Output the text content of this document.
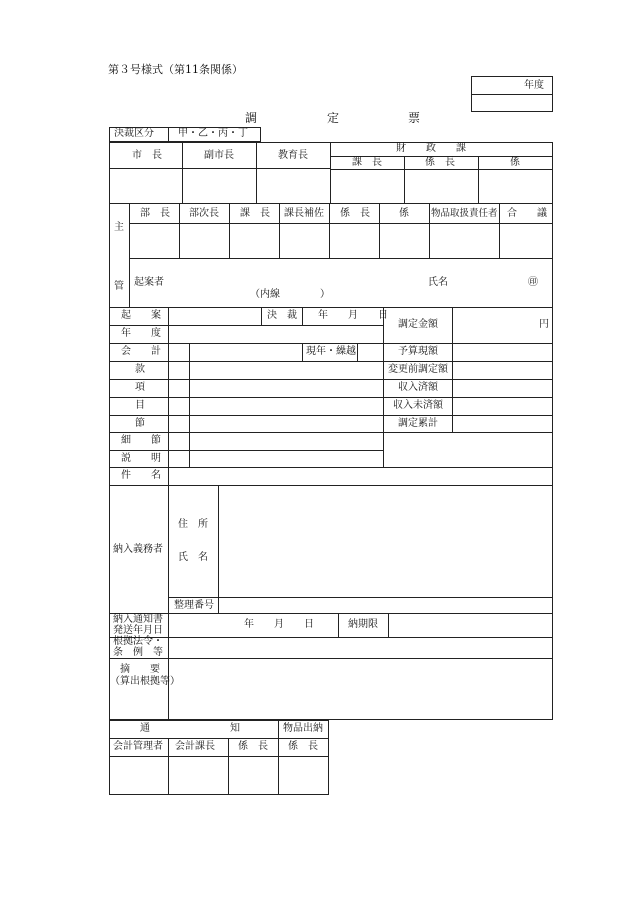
第３号様式（第11条関係）
年度
調	定	票
決裁区分 甲・乙・丙・丁
市　長	副市長	教育長
財　　政　　課
課　長	係　長	係
主
管
部　長 部次長 課　長 課長補佐 係　長	係 物品取扱責任者 合　　議
起案者
（内線　　　　）
氏名	㊞
起　　案	決　裁 年　　月　　日
年　　度
調定金額	円
会　　計	現年・繰越	予算現額
款	変更前調定額
項	収入済額
目	収入未済額
節	調定累計
細　　節
説　　明
件　　名
納入義務者
住　所
氏　名
整理番号
納入通知書
発送年月日
年　　月　　日	納期限
根拠法令・
条　例　等
摘　　要
（算出根拠等）
通　　　　　　　　知	物品出納
会計管理者 会計課長 係　長 係　長
